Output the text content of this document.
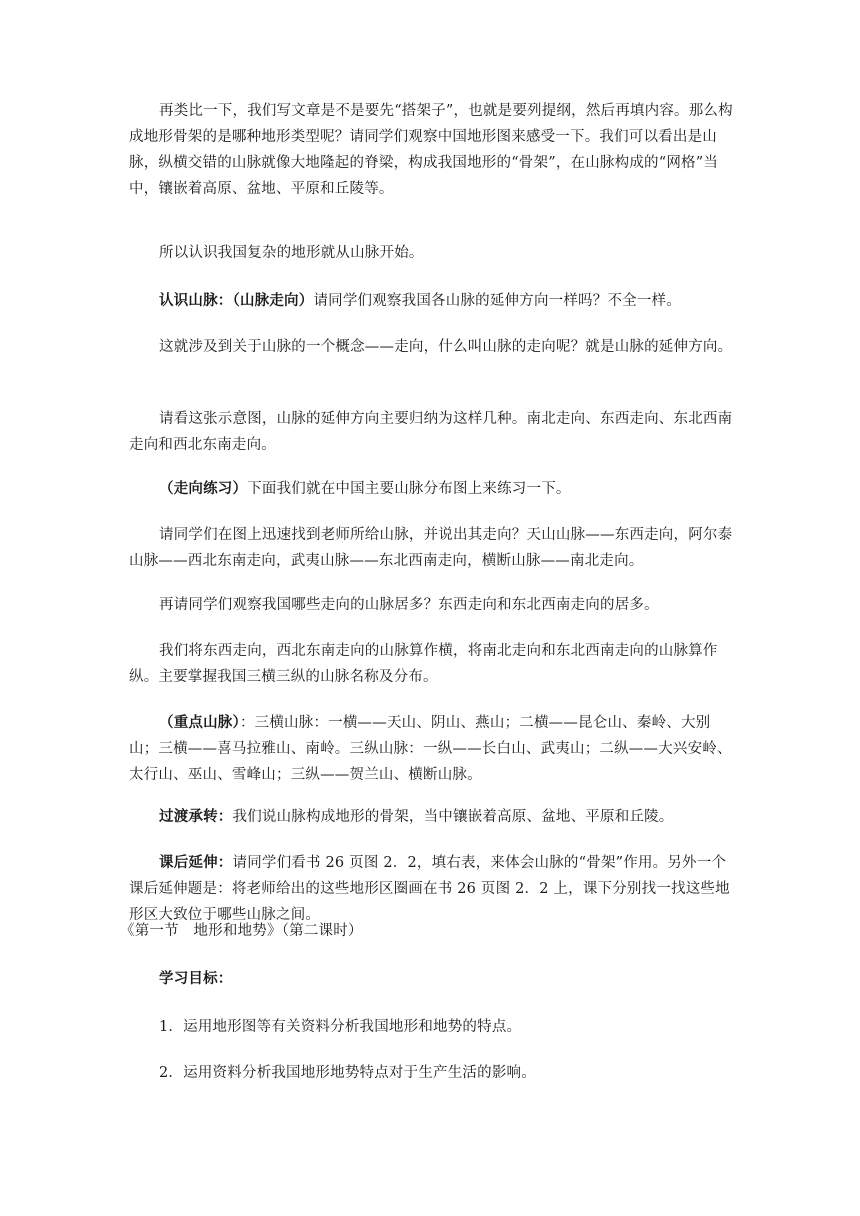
再类比一下，我们写文章是不是要先“搭架子”，也就是要列提纲，然后再填内容。那么构成地形骨架的是哪种地形类型呢？请同学们观察中国地形图来感受一下。我们可以看出是山脉，纵横交错的山脉就像大地隆起的脊梁，构成我国地形的“骨架”，在山脉构成的“网格”当中，镶嵌着高原、盆地、平原和丘陵等。

所以认识我国复杂的地形就从山脉开始。

认识山脉：（山脉走向）请同学们观察我国各山脉的延伸方向一样吗？不全一样。

这就涉及到关于山脉的一个概念——走向，什么叫山脉的走向呢？就是山脉的延伸方向。

请看这张示意图，山脉的延伸方向主要归纳为这样几种。南北走向、东西走向、东北西南走向和西北东南走向。

（走向练习）下面我们就在中国主要山脉分布图上来练习一下。

请同学们在图上迅速找到老师所给山脉，并说出其走向？天山山脉——东西走向，阿尔泰山脉——西北东南走向，武夷山脉——东北西南走向，横断山脉——南北走向。

再请同学们观察我国哪些走向的山脉居多？东西走向和东北西南走向的居多。

我们将东西走向，西北东南走向的山脉算作横，将南北走向和东北西南走向的山脉算作纵。主要掌握我国三横三纵的山脉名称及分布。

（重点山脉）：三横山脉：一横——天山、阴山、燕山；二横——昆仑山、秦岭、大别山；三横——喜马拉雅山、南岭。三纵山脉：一纵——长白山、武夷山；二纵——大兴安岭、太行山、巫山、雪峰山；三纵——贺兰山、横断山脉。

过渡承转：我们说山脉构成地形的骨架，当中镶嵌着高原、盆地、平原和丘陵。

课后延伸：请同学们看书 26 页图 2．2，填右表，来体会山脉的“骨架”作用。另外一个课后延伸题是：将老师给出的这些地形区圈画在书 26 页图 2．2 上，课下分别找一找这些地形区大致位于哪些山脉之间。

《第一节　地形和地势》（第二课时）

学习目标：

1．运用地形图等有关资料分析我国地形和地势的特点。

2．运用资料分析我国地形地势特点对于生产生活的影响。
